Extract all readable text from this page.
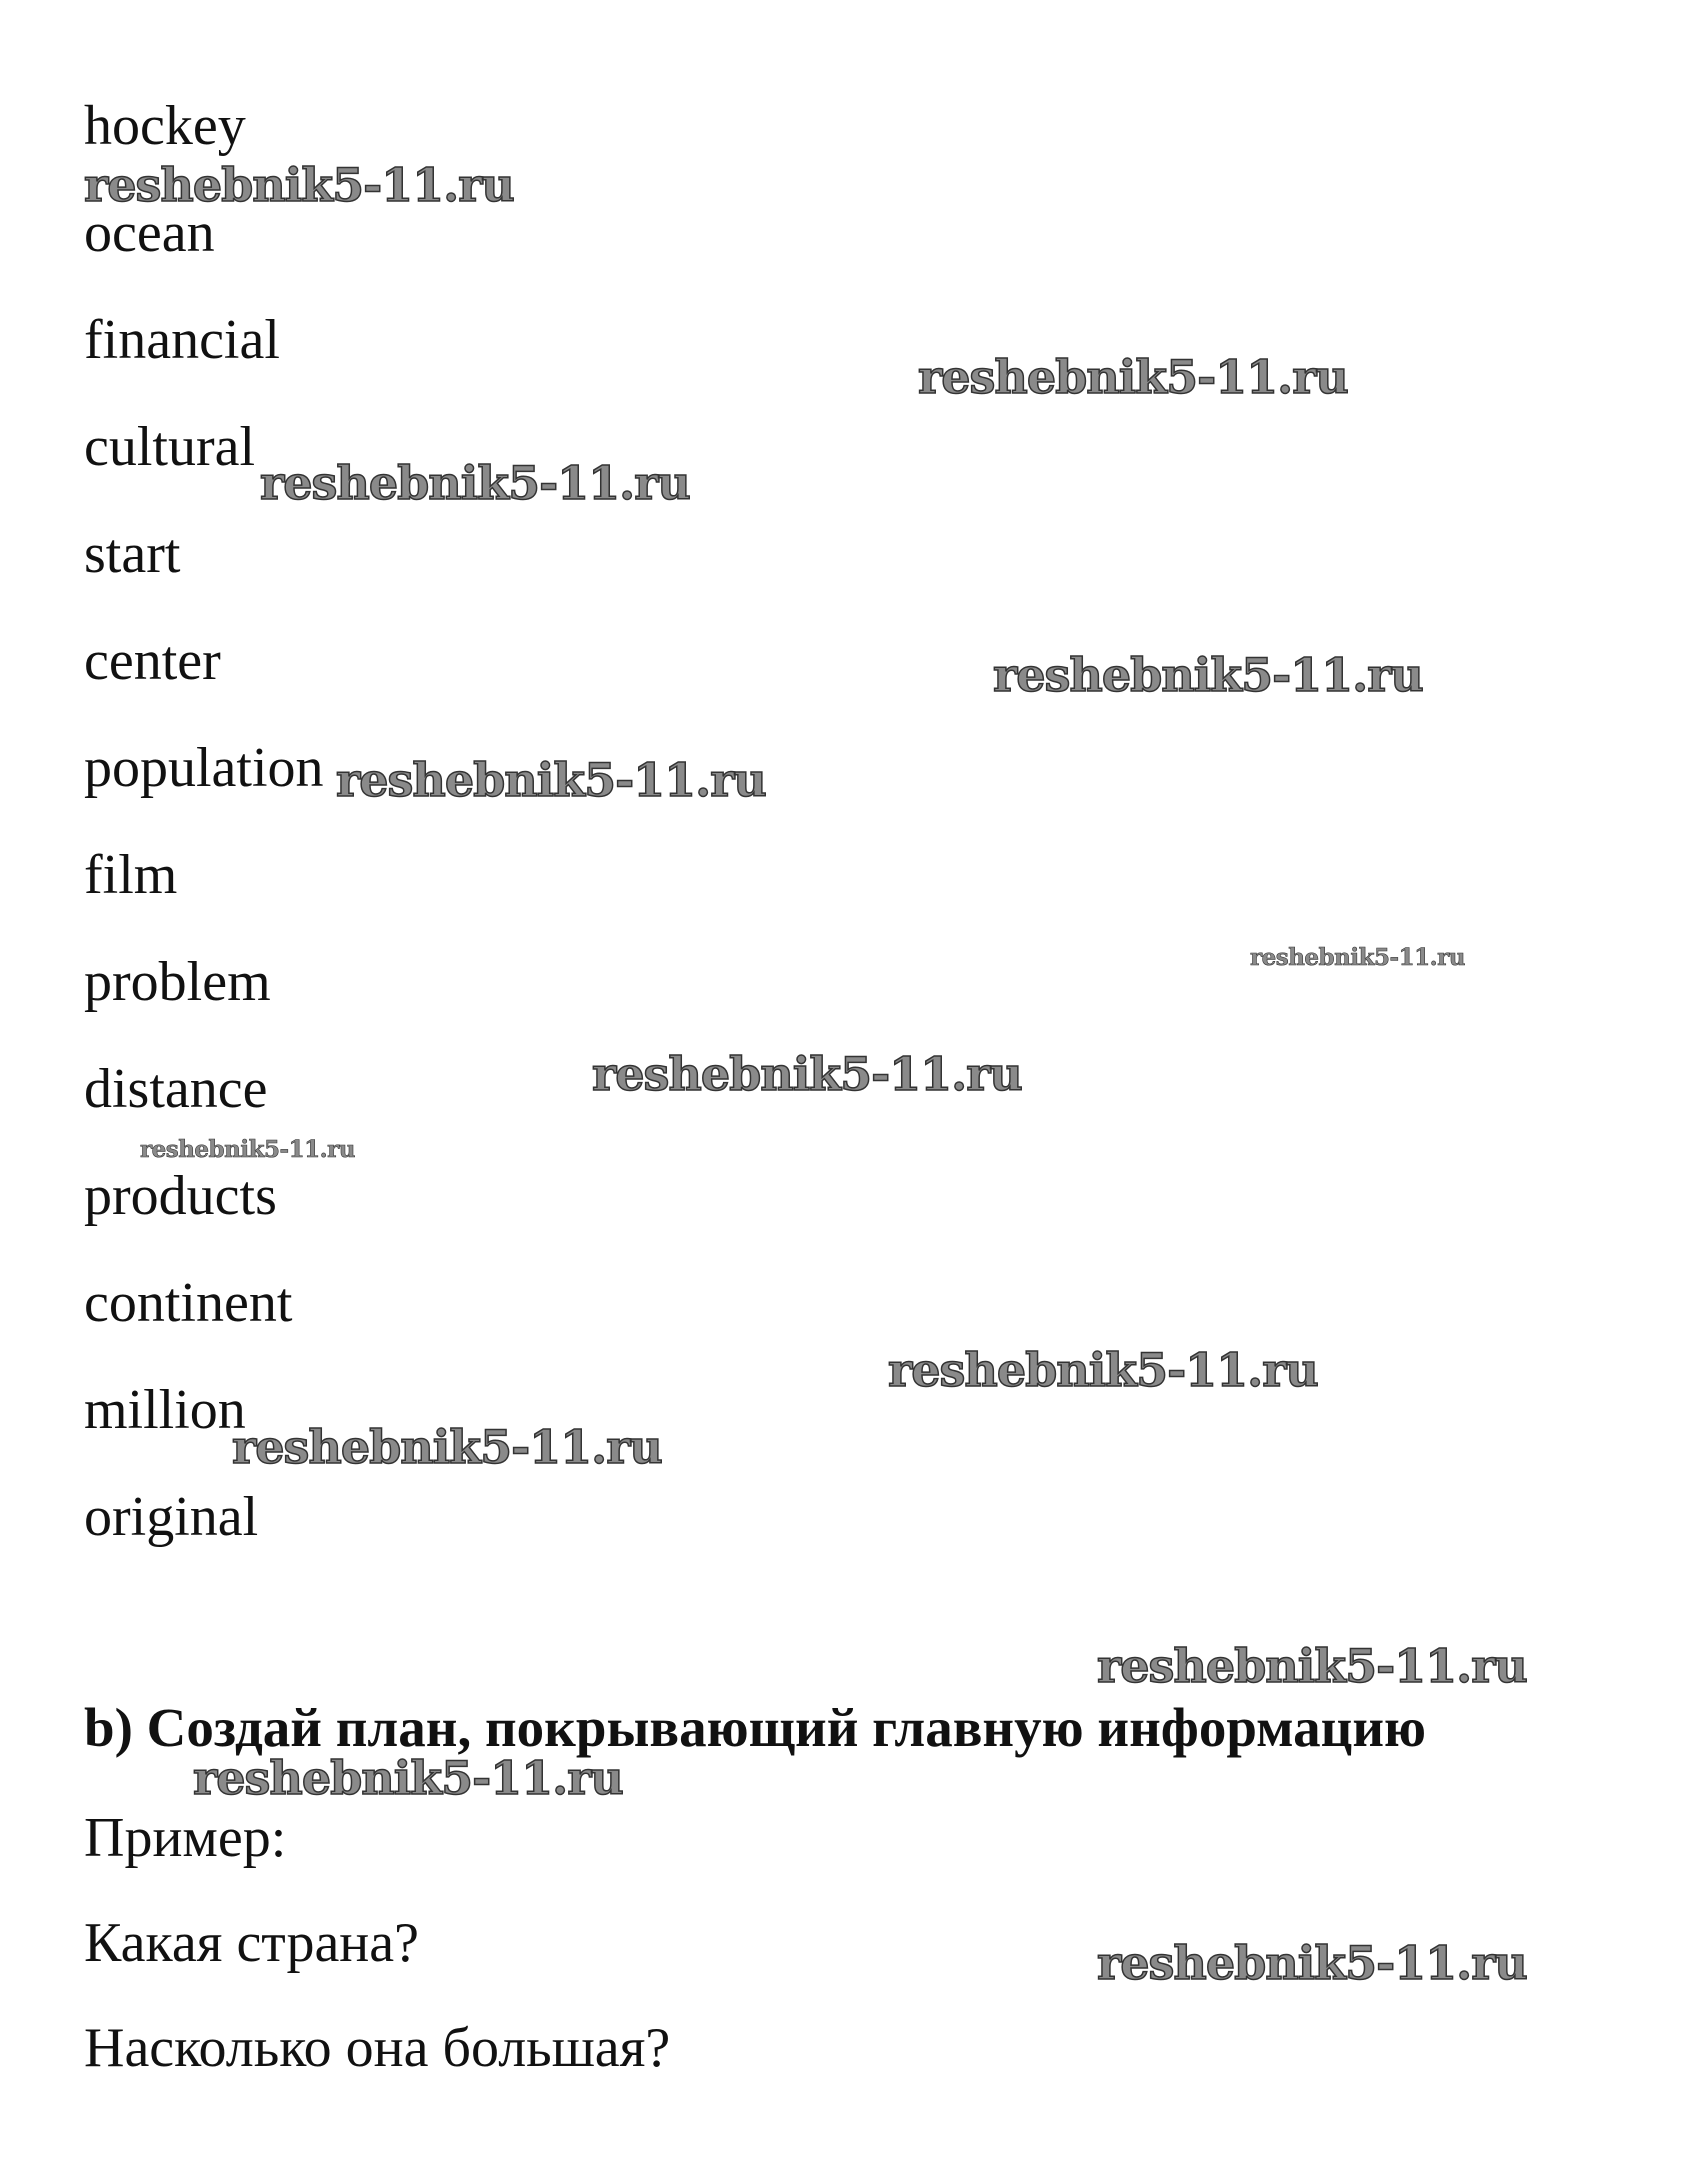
hockey
ocean
financial
cultural
start
center
population
film
problem
distance
products
continent
million
original
b) Создай план, покрывающий главную информацию
Пример:
Какая страна?
Насколько она большая?
reshebnik5-11.ru
reshebnik5-11.ru
reshebnik5-11.ru
reshebnik5-11.ru
reshebnik5-11.ru
reshebnik5-11.ru
reshebnik5-11.ru
reshebnik5-11.ru
reshebnik5-11.ru
reshebnik5-11.ru
reshebnik5-11.ru
reshebnik5-11.ru
reshebnik5-11.ru
